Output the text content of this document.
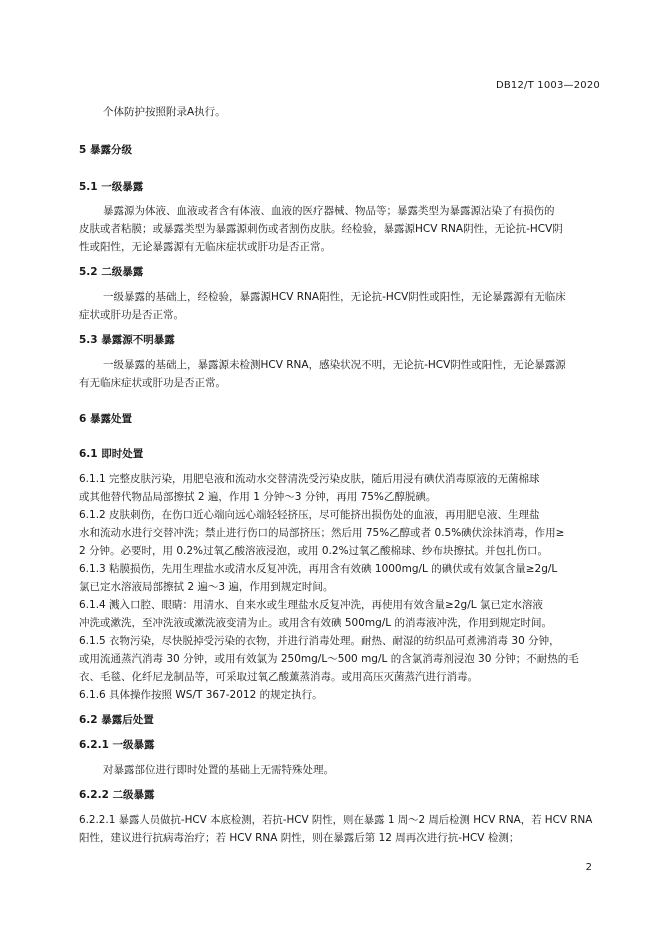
DB12/T 1003—2020
个体防护按照附录A执行。
5 暴露分级
5.1 一级暴露
暴露源为体液、血液或者含有体液、血液的医疗器械、物品等；暴露类型为暴露源沾染了有损伤的
皮肤或者粘膜；或暴露类型为暴露源刺伤或者割伤皮肤。经检验，暴露源HCV RNA阴性，无论抗-HCV阴
性或阳性，无论暴露源有无临床症状或肝功是否正常。
5.2 二级暴露
一级暴露的基础上，经检验，暴露源HCV RNA阳性，无论抗-HCV阴性或阳性，无论暴露源有无临床
症状或肝功是否正常。
5.3 暴露源不明暴露
一级暴露的基础上，暴露源未检测HCV RNA，感染状况不明，无论抗-HCV阴性或阳性，无论暴露源
有无临床症状或肝功是否正常。
6 暴露处置
6.1 即时处置
6.1.1 完整皮肤污染，用肥皂液和流动水交替清洗受污染皮肤，随后用浸有碘伏消毒原液的无菌棉球
或其他替代物品局部擦拭 2 遍，作用 1 分钟～3 分钟，再用 75%乙醇脱碘。
6.1.2 皮肤刺伤，在伤口近心端向远心端轻轻挤压，尽可能挤出损伤处的血液，再用肥皂液、生理盐
水和流动水进行交替冲洗；禁止进行伤口的局部挤压；然后用 75%乙醇或者 0.5%碘伏涂抹消毒，作用≥
2 分钟。必要时，用 0.2%过氧乙酸溶液浸泡，或用 0.2%过氧乙酸棉球、纱布块擦拭。并包扎伤口。
6.1.3 粘膜损伤，先用生理盐水或清水反复冲洗，再用含有效碘 1000mg/L 的碘伏或有效氯含量≥2g/L
氯已定水溶液局部擦拭 2 遍～3 遍，作用到规定时间。
6.1.4 溅入口腔、眼睛：用清水、自来水或生理盐水反复冲洗，再使用有效含量≥2g/L 氯已定水溶液
冲洗或漱洗，至冲洗液或漱洗液变清为止。或用含有效碘 500mg/L 的消毒液冲洗，作用到规定时间。
6.1.5 衣物污染，尽快脱掉受污染的衣物，并进行消毒处理。耐热、耐湿的纺织品可煮沸消毒 30 分钟，
或用流通蒸汽消毒 30 分钟，或用有效氯为 250mg/L～500 mg/L 的含氯消毒剂浸泡 30 分钟；不耐热的毛
衣、毛毯、化纤尼龙制品等，可采取过氧乙酸薰蒸消毒。或用高压灭菌蒸汽进行消毒。
6.1.6 具体操作按照 WS/T 367-2012 的规定执行。
6.2 暴露后处置
6.2.1 一级暴露
对暴露部位进行即时处置的基础上无需特殊处理。
6.2.2 二级暴露
6.2.2.1 暴露人员做抗-HCV 本底检测，若抗-HCV 阴性，则在暴露 1 周～2 周后检测 HCV RNA，若 HCV RNA
阳性，建议进行抗病毒治疗；若 HCV RNA 阴性，则在暴露后第 12 周再次进行抗-HCV 检测；
2
